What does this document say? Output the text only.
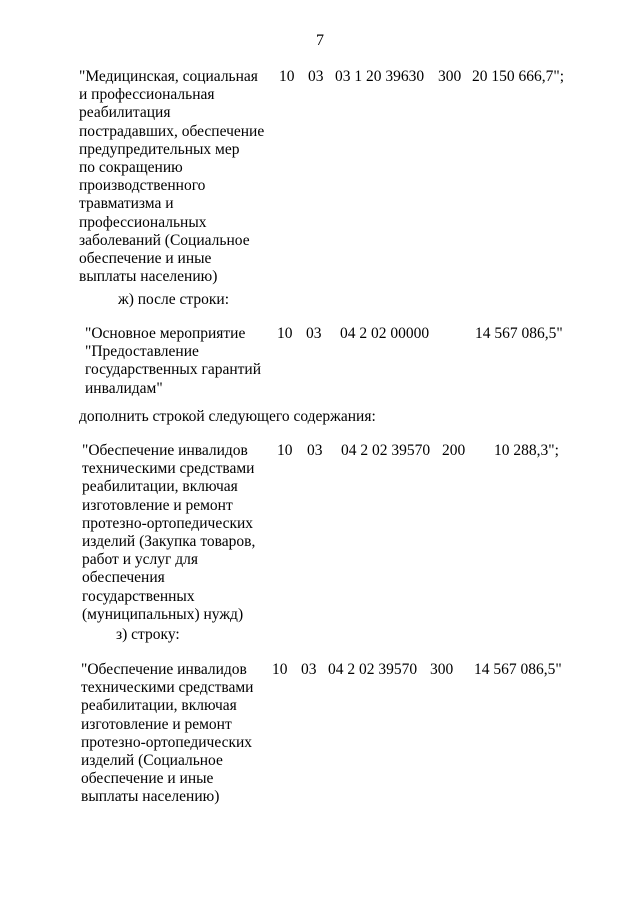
7
"Медицинская, социальная
и профессиональная
реабилитация
пострадавших, обеспечение
предупредительных мер
по сокращению
производственного
травматизма и
профессиональных
заболеваний (Социальное
обеспечение и иные
выплаты населению)
10 03 03 1 20 39630 300 20 150 666,7";
ж) после строки:
"Основное мероприятие
"Предоставление
государственных гарантий
инвалидам"
10 03 04 2 02 00000	14 567 086,5"
дополнить строкой следующего содержания:
"Обеспечение инвалидов
техническими средствами
реабилитации, включая
изготовление и ремонт
протезно-ортопедических
изделий (Закупка товаров,
работ и услуг для
обеспечения
государственных
(муниципальных) нужд)
10 03 04 2 02 39570 200 10 288,3";
з) строку:
"Обеспечение инвалидов
техническими средствами
реабилитации, включая
изготовление и ремонт
протезно-ортопедических
изделий (Социальное
обеспечение и иные
выплаты населению)
10 03 04 2 02 39570 300 14 567 086,5"
